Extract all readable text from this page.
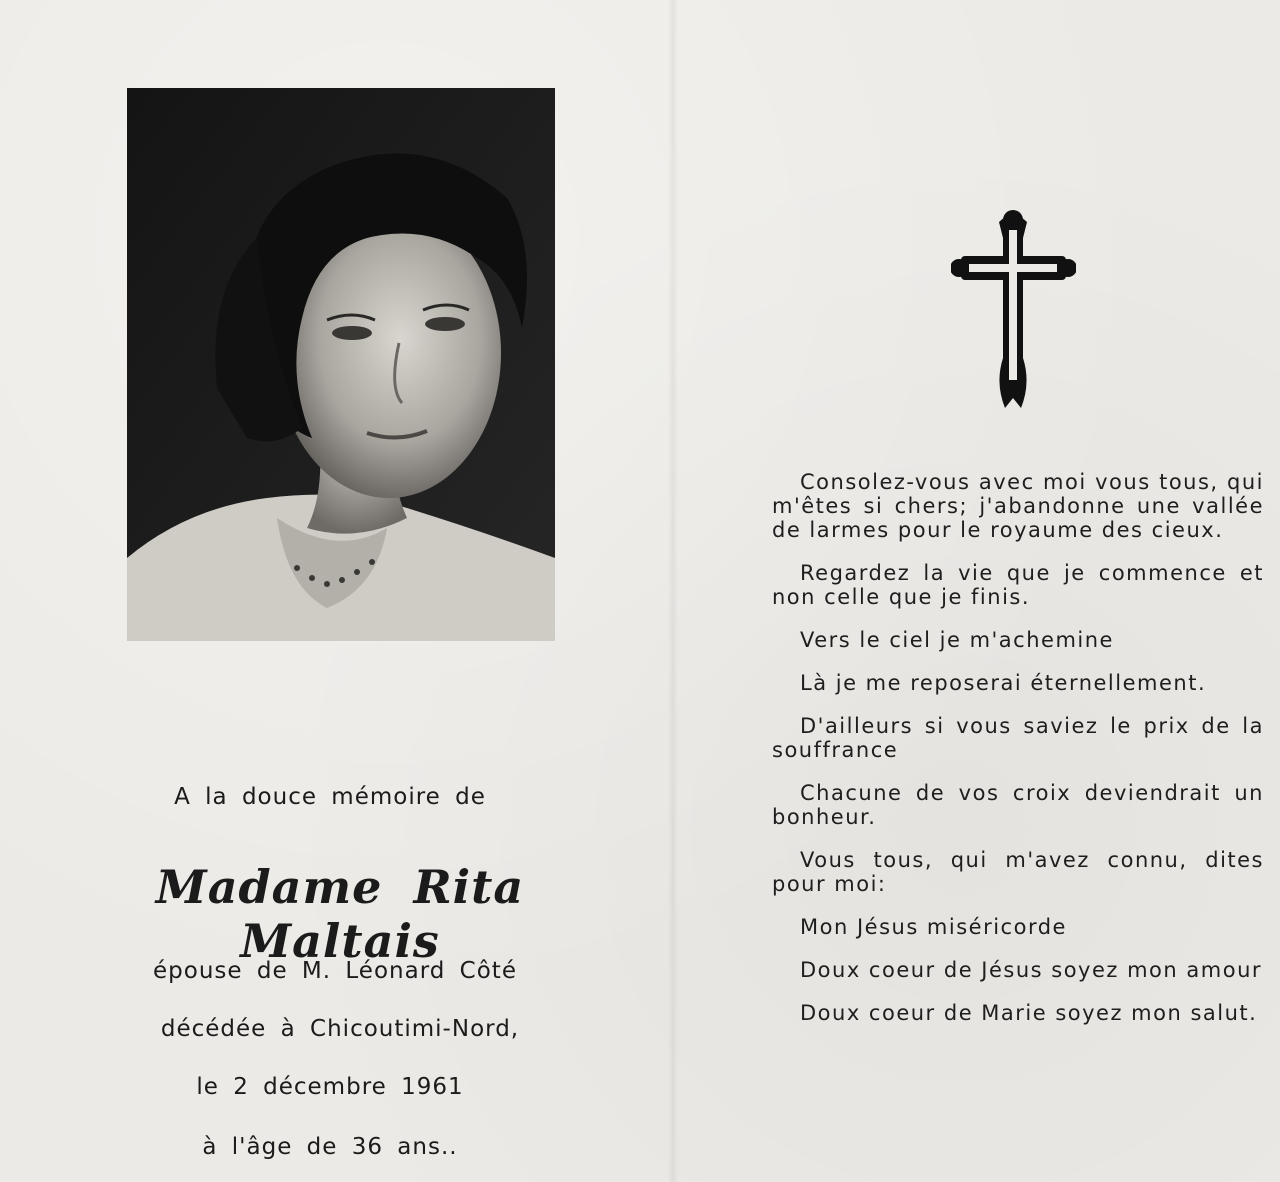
A la douce mémoire de
Madame Rita Maltais
épouse de M. Léonard Côté
décédée à Chicoutimi-Nord,
le 2 décembre 1961
à l'âge de 36 ans..

Consolez-vous avec moi vous tous, qui m'êtes si chers; j'abandonne une vallée de larmes pour le royaume des cieux.

Regardez la vie que je commence et non celle que je finis.

Vers le ciel je m'achemine

Là je me reposerai éternellement.

D'ailleurs si vous saviez le prix de la souffrance

Chacune de vos croix deviendrait un bonheur.

Vous tous, qui m'avez connu, dites pour moi:

Mon Jésus miséricorde

Doux coeur de Jésus soyez mon amour

Doux coeur de Marie soyez mon salut.
